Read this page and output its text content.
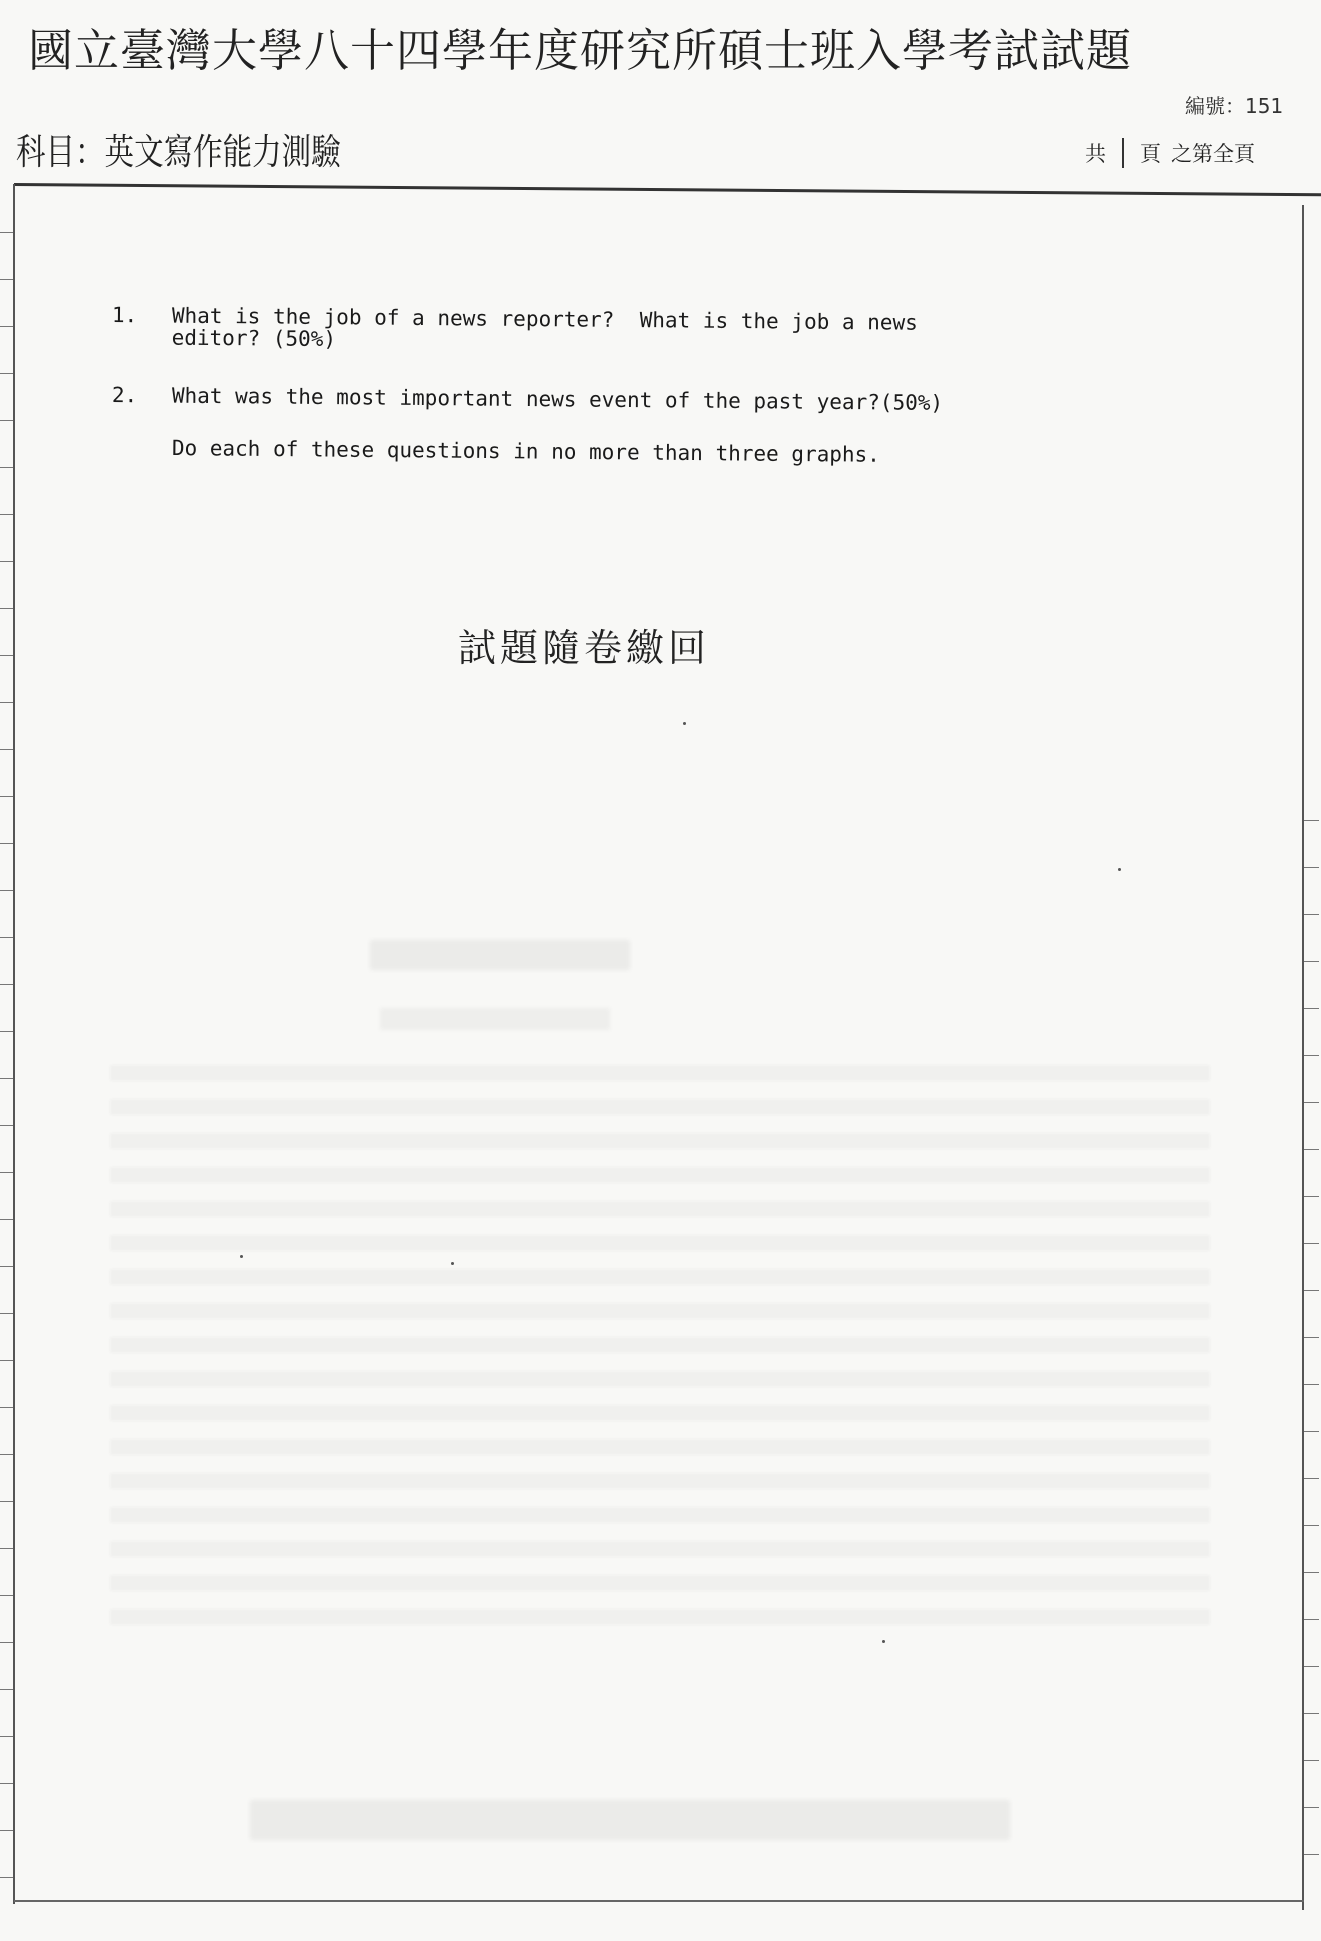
國立臺灣大學八十四學年度研究所碩士班入學考試試題
編號：151
科目：英文寫作能力測驗	共 頁 之第全頁
1. What is the job of a news reporter?  What is the job a news
editor? (50%)
2. What was the most important news event of the past year?(50%)
Do each of these questions in no more than three graphs.
試題隨卷繳回
